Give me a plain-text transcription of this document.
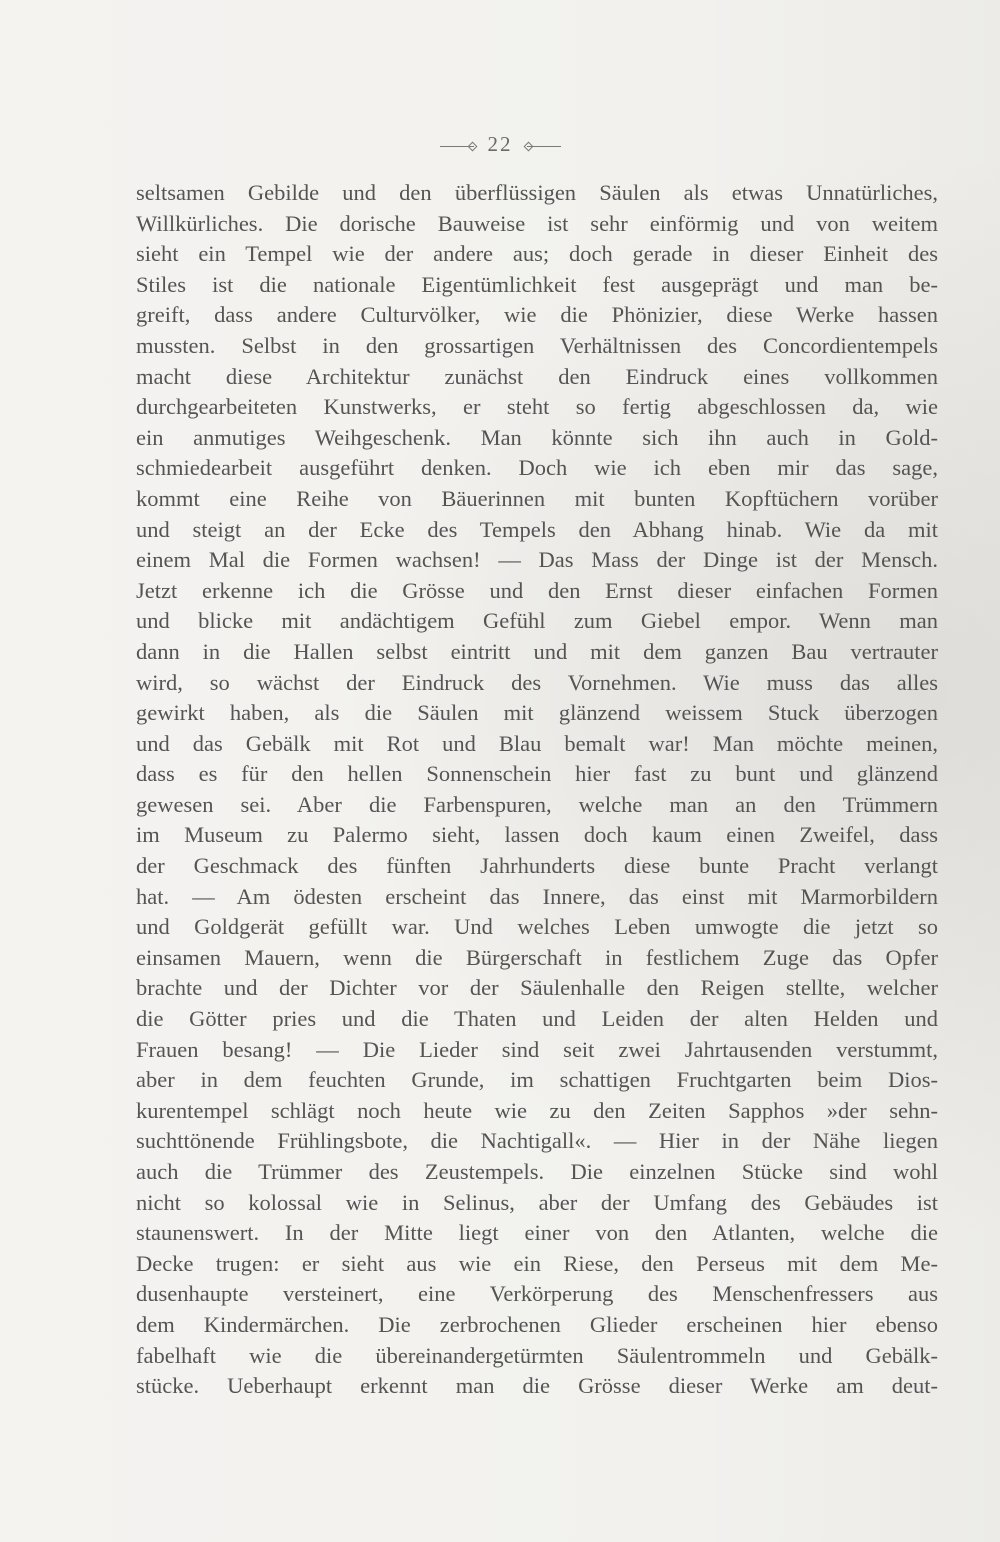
22
seltsamen Gebilde und den überflüssigen Säulen als etwas Unnatürliches,
Willkürliches. Die dorische Bauweise ist sehr einförmig und von weitem
sieht ein Tempel wie der andere aus; doch gerade in dieser Einheit des
Stiles ist die nationale Eigentümlichkeit fest ausgeprägt und man be-
greift, dass andere Culturvölker, wie die Phönizier, diese Werke hassen
mussten. Selbst in den grossartigen Verhältnissen des Concordientempels
macht diese Architektur zunächst den Eindruck eines vollkommen
durchgearbeiteten Kunstwerks, er steht so fertig abgeschlossen da, wie
ein anmutiges Weihgeschenk. Man könnte sich ihn auch in Gold-
schmiedearbeit ausgeführt denken. Doch wie ich eben mir das sage,
kommt eine Reihe von Bäuerinnen mit bunten Kopftüchern vorüber
und steigt an der Ecke des Tempels den Abhang hinab. Wie da mit
einem Mal die Formen wachsen! — Das Mass der Dinge ist der Mensch.
Jetzt erkenne ich die Grösse und den Ernst dieser einfachen Formen
und blicke mit andächtigem Gefühl zum Giebel empor. Wenn man
dann in die Hallen selbst eintritt und mit dem ganzen Bau vertrauter
wird, so wächst der Eindruck des Vornehmen. Wie muss das alles
gewirkt haben, als die Säulen mit glänzend weissem Stuck überzogen
und das Gebälk mit Rot und Blau bemalt war! Man möchte meinen,
dass es für den hellen Sonnenschein hier fast zu bunt und glänzend
gewesen sei. Aber die Farbenspuren, welche man an den Trümmern
im Museum zu Palermo sieht, lassen doch kaum einen Zweifel, dass
der Geschmack des fünften Jahrhunderts diese bunte Pracht verlangt
hat. — Am ödesten erscheint das Innere, das einst mit Marmorbildern
und Goldgerät gefüllt war. Und welches Leben umwogte die jetzt so
einsamen Mauern, wenn die Bürgerschaft in festlichem Zuge das Opfer
brachte und der Dichter vor der Säulenhalle den Reigen stellte, welcher
die Götter pries und die Thaten und Leiden der alten Helden und
Frauen besang! — Die Lieder sind seit zwei Jahrtausenden verstummt,
aber in dem feuchten Grunde, im schattigen Fruchtgarten beim Dios-
kurentempel schlägt noch heute wie zu den Zeiten Sapphos »der sehn-
suchttönende Frühlingsbote, die Nachtigall«. — Hier in der Nähe liegen
auch die Trümmer des Zeustempels. Die einzelnen Stücke sind wohl
nicht so kolossal wie in Selinus, aber der Umfang des Gebäudes ist
staunenswert. In der Mitte liegt einer von den Atlanten, welche die
Decke trugen: er sieht aus wie ein Riese, den Perseus mit dem Me-
dusenhaupte versteinert, eine Verkörperung des Menschenfressers aus
dem Kindermärchen. Die zerbrochenen Glieder erscheinen hier ebenso
fabelhaft wie die übereinandergetürmten Säulentrommeln und Gebälk-
stücke. Ueberhaupt erkennt man die Grösse dieser Werke am deut-
